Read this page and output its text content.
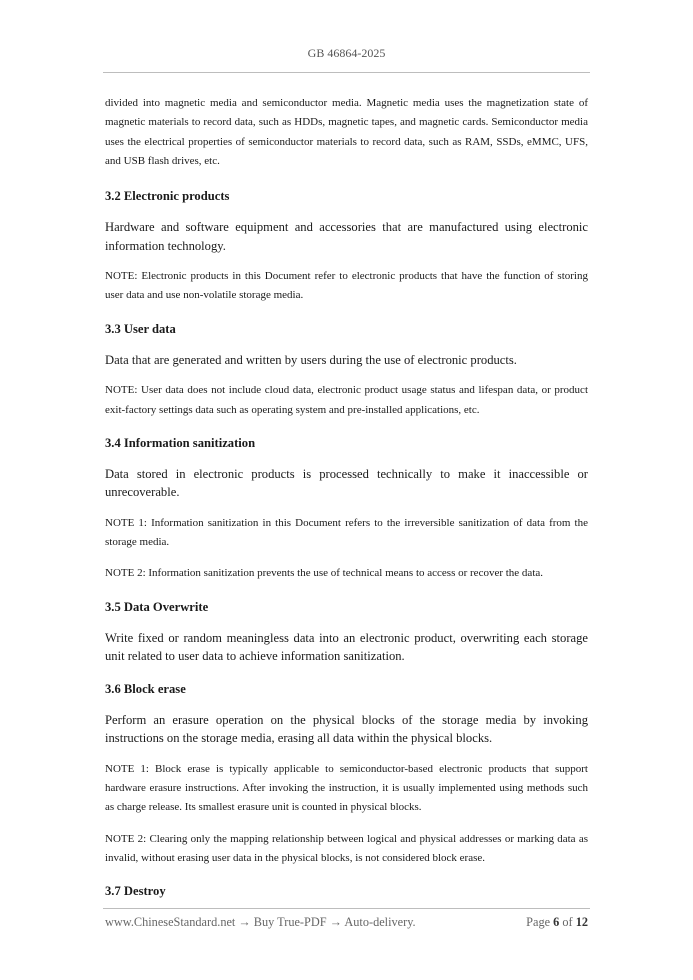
GB 46864-2025

divided into magnetic media and semiconductor media. Magnetic media uses the magnetization state of magnetic materials to record data, such as HDDs, magnetic tapes, and magnetic cards. Semiconductor media uses the electrical properties of semiconductor materials to record data, such as RAM, SSDs, eMMC, UFS, and USB flash drives, etc.

3.2 Electronic products

Hardware and software equipment and accessories that are manufactured using electronic information technology.

NOTE: Electronic products in this Document refer to electronic products that have the function of storing user data and use non-volatile storage media.

3.3 User data

Data that are generated and written by users during the use of electronic products.

NOTE: User data does not include cloud data, electronic product usage status and lifespan data, or product exit-factory settings data such as operating system and pre-installed applications, etc.

3.4 Information sanitization

Data stored in electronic products is processed technically to make it inaccessible or unrecoverable.

NOTE 1: Information sanitization in this Document refers to the irreversible sanitization of data from the storage media.

NOTE 2: Information sanitization prevents the use of technical means to access or recover the data.

3.5 Data Overwrite

Write fixed or random meaningless data into an electronic product, overwriting each storage unit related to user data to achieve information sanitization.

3.6 Block erase

Perform an erasure operation on the physical blocks of the storage media by invoking instructions on the storage media, erasing all data within the physical blocks.

NOTE 1: Block erase is typically applicable to semiconductor-based electronic products that support hardware erasure instructions. After invoking the instruction, it is usually implemented using methods such as charge release. Its smallest erasure unit is counted in physical blocks.

NOTE 2: Clearing only the mapping relationship between logical and physical addresses or marking data as invalid, without erasing user data in the physical blocks, is not considered block erase.

3.7 Destroy
www.ChineseStandard.net → Buy True-PDF → Auto-delivery.	Page 6 of 12
